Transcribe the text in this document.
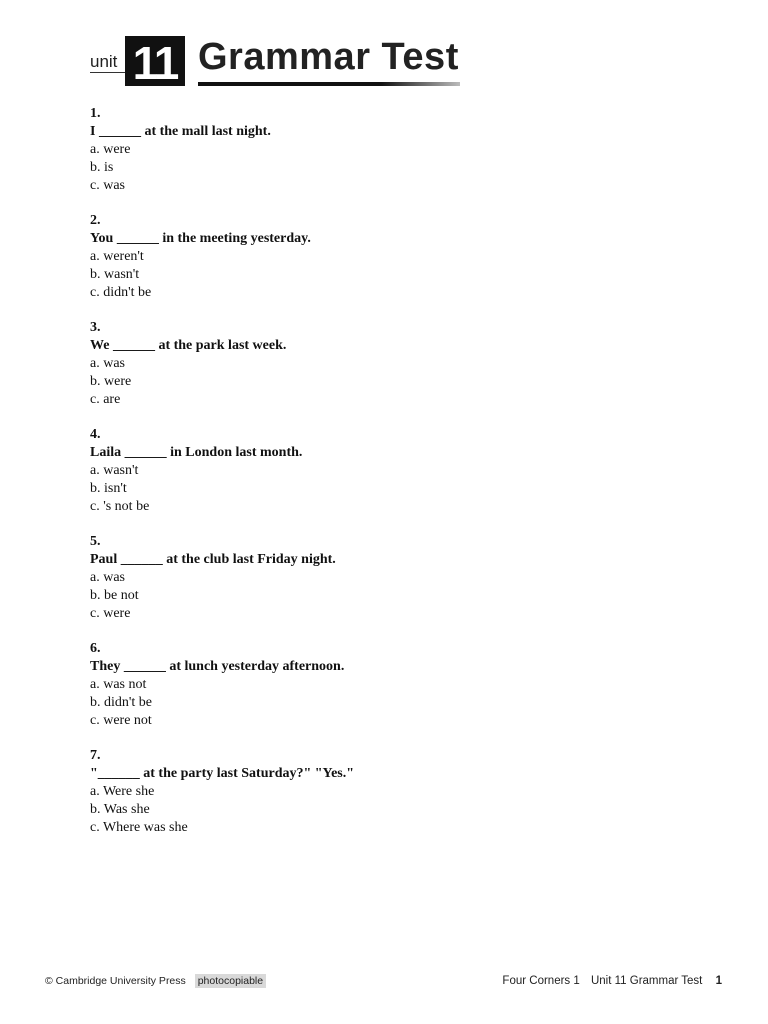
unit 11 Grammar Test
1.
I ______ at the mall last night.
a. were
b. is
c. was
2.
You ______ in the meeting yesterday.
a. weren't
b. wasn't
c. didn't be
3.
We ______ at the park last week.
a. was
b. were
c. are
4.
Laila ______ in London last month.
a. wasn't
b. isn't
c. 's not be
5.
Paul ______ at the club last Friday night.
a. was
b. be not
c. were
6.
They ______ at lunch yesterday afternoon.
a. was not
b. didn't be
c. were not
7.
"______ at the party last Saturday?" "Yes."
a. Were she
b. Was she
c. Where was she
© Cambridge University Press photocopiable	Four Corners 1 Unit 11 Grammar Test 1
